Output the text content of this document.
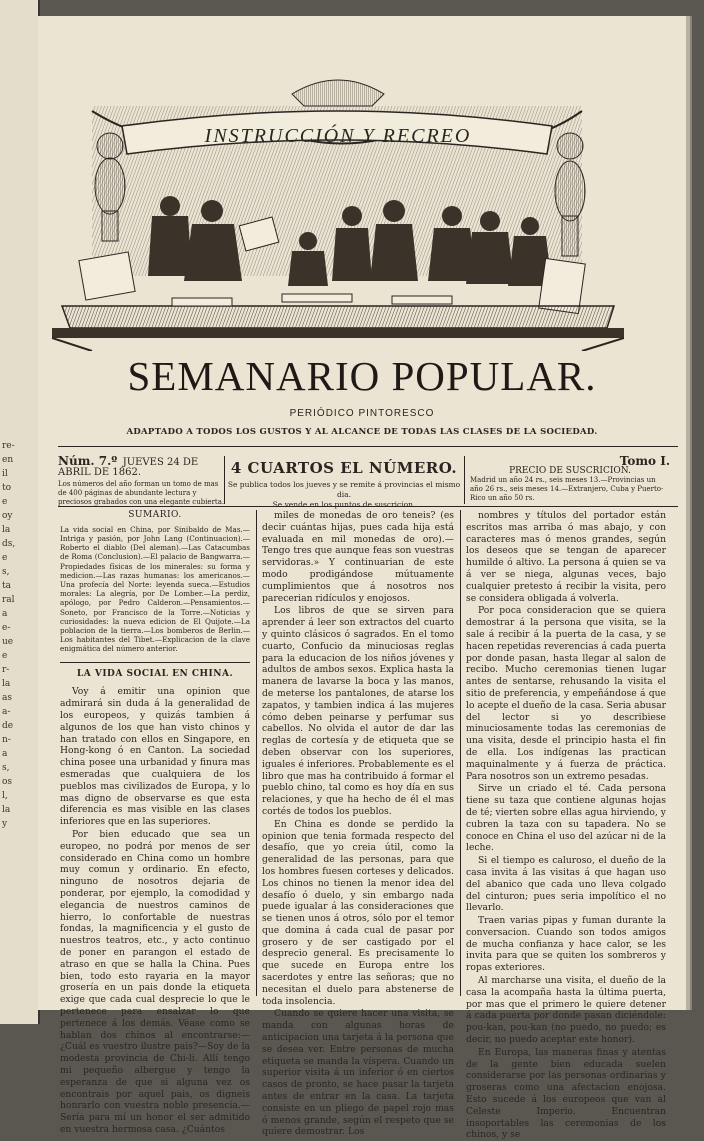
re-
en
il
to
e
oy
la
ds,
e
s,
ta
ral
a
e-
ue
e
r-
la
as
a-
de
n-
a
s,
os
l,
la
y

INSTRUCCIÓN Y RECREO
SEMANARIO POPULAR.
PERIÓDICO PINTORESCO
ADAPTADO A TODOS LOS GUSTOS Y AL ALCANCE DE TODAS LAS CLASES DE LA SOCIEDAD.
Núm. 7.º JUEVES 24 DE ABRIL DE 1862.
Los números del año forman un tomo de mas de 400 páginas de abundante lectura y preciosos grabados con una elegante cubierta.
4 CUARTOS EL NÚMERO.
Se publica todos los jueves y se remite á provincias el mismo dia.
Se vende en los puntos de suscricion.
Tomo I.
PRECIO DE SUSCRICION.
Madrid un año 24 rs., seis meses 13.—Provincias un año 26 rs., seis meses 14.—Extranjero, Cuba y Puerto-Rico un año 50 rs.
SUMARIO.
La vida social en China, por Sinibaldo de Mas.—Intriga y pasión, por John Lang (Continuacion).—Roberto el diablo (Del aleman).—Las Catacumbas de Roma (Conclusion).—El palacio de Bangwarra.—Propiedades físicas de los minerales: su forma y medicion.—Las razas humanas: los americanos.—Una profecía del Norte: leyenda sueca.—Estudios morales: La alegría, por De Lomber.—La perdiz, apólogo, por Pedro Calderon.—Pensamientos.—Soneto, por Francisco de la Torre.—Noticias y curiosidades: la nueva edicion de El Quijote.—La poblacion de la tierra.—Los bomberos de Berlin.—Los habitantes del Tibet.—Explicacion de la clave enigmática del número anterior.
LA VIDA SOCIAL EN CHINA.

Voy á emitir una opinion que admirará sin duda á la generalidad de los europeos, y quizás tambien á algunos de los que han visto chinos y han tratado con ellos en Singapore, en Hong-kong ó en Canton. La sociedad china posee una urbanidad y finura mas esmeradas que cualquiera de los pueblos mas civilizados de Europa, y lo mas digno de observarse es que esta diferencia es mas visible en las clases inferiores que en las superiores.

Por bien educado que sea un europeo, no podrá por menos de ser considerado en China como un hombre muy comun y ordinario. En efecto, ninguno de nosotros dejaria de ponderar, por ejemplo, la comodidad y elegancia de nuestros caminos de hierro, lo confortable de nuestras fondas, la magnificencia y el gusto de nuestros teatros, etc., y acto continuo de poner en parangon el estado de atraso en que se halla la China. Pues bien, todo esto rayaria en la mayor grosería en un pais donde la etiqueta exige que cada cual desprecie lo que le pertenece para ensalzar lo que pertenece á los demás. Véase como se hablan dos chinos al encontrarse:—¿Cuál es vuestro ilustre pais?—Soy de la modesta provincia de Chi-li. Allí tengo mi pequeño albergue y tengo la esperanza de que si alguna vez os encontrais por aquel pais, os digneis honrarlo con vuestra noble presencia.—Sería para mí un honor el ser admitido en vuestra hermosa casa. ¿Cuántos

miles de monedas de oro teneis? (es decir cuántas hijas, pues cada hija está evaluada en mil monedas de oro).—Tengo tres que aunque feas son vuestras servidoras.» Y continuarian de este modo prodigándose mútuamente cumplimientos que á nosotros nos parecerian ridículos y enojosos.

Los libros de que se sirven para aprender á leer son extractos del cuarto y quinto clásicos ó sagrados. En el tomo cuarto, Confucio da minuciosas reglas para la educacion de los niños jóvenes y adultos de ambos sexos. Explica hasta la manera de lavarse la boca y las manos, de meterse los pantalones, de atarse los zapatos, y tambien indica á las mujeres cómo deben peinarse y perfumar sus cabellos. No olvida el autor de dar las reglas de cortesía y de etiqueta que se deben observar con los superiores, iguales é inferiores. Probablemente es el libro que mas ha contribuido á formar el pueblo chino, tal como es hoy día en sus relaciones, y que ha hecho de él el mas cortés de todos los pueblos.

En China es donde se perdido la opinion que tenia formada respecto del desafío, que yo creia útil, como la generalidad de las personas, para que los hombres fuesen corteses y delicados. Los chinos no tienen la menor idea del desafío ó duelo, y sin embargo nada puede igualar á las consideraciones que se tienen unos á otros, sólo por el temor que domina á cada cual de pasar por grosero y de ser castigado por el desprecio general. Es precisamente lo que sucede en Europa entre los sacerdotes y entre las señoras; que no necesitan el duelo para abstenerse de toda insolencia.

Cuando se quiere hacer una visita, se manda con algunas horas de anticipacion una tarjeta á la persona que se desea ver. Entre personas de mucha etiqueta se manda la víspera. Cuando un superior visita á un inferior ó en ciertos casos de pronto, se hace pasar la tarjeta antes de entrar en la casa. La tarjeta consiste en un pliego de papel rojo mas ó menos grande, según el respeto que se quiere demostrar. Los

nombres y títulos del portador están escritos mas arriba ó mas abajo, y con caracteres mas ó menos grandes, según los deseos que se tengan de aparecer humilde ó altivo. La persona á quien se va á ver se niega, algunas veces, bajo cualquier pretesto á recibir la visita, pero se considera obligada á volverla.

Por poca consideracion que se quiera demostrar á la persona que visita, se la sale á recibir á la puerta de la casa, y se hacen repetidas reverencias á cada puerta por donde pasan, hasta llegar al salon de recibo. Mucho ceremonias tienen lugar antes de sentarse, rehusando la visita el sitio de preferencia, y empeñándose á que lo acepte el dueño de la casa. Seria abusar del lector si yo describiese minuciosamente todas las ceremonias de una visita, desde el principio hasta el fin de ella. Los indígenas las practican maquinalmente y á fuerza de práctica. Para nosotros son un extremo pesadas.

Sirve un criado el té. Cada persona tiene su taza que contiene algunas hojas de té; vierten sobre ellas agua hirviendo, y cubren la taza con su tapadera. No se conoce en China el uso del azúcar ni de la leche.

Si el tiempo es caluroso, el dueño de la casa invita á las visitas á que hagan uso del abanico que cada uno lleva colgado del cinturon; pues seria impolítico el no llevarlo.

Traen varias pipas y fuman durante la conversacion. Cuando son todos amigos de mucha confianza y hace calor, se les invita para que se quiten los sombreros y ropas exteriores.

Al marcharse una visita, el dueño de la casa la acompaña hasta la última puerta, por mas que el primero le quiere detener á cada puerta por donde pasan diciéndole: pou-kan, pou-kan (no puedo, no puedo; es decir, no puedo aceptar este honor).

En Europa, las maneras finas y atentas de la gente bien educada suelen considerarse por las personas ordinarias y groseras como una afectacion enojosa. Esto sucede á los europeos que van al Celeste Imperio. Encuentran insoportables las ceremonias de los chinos, y se
